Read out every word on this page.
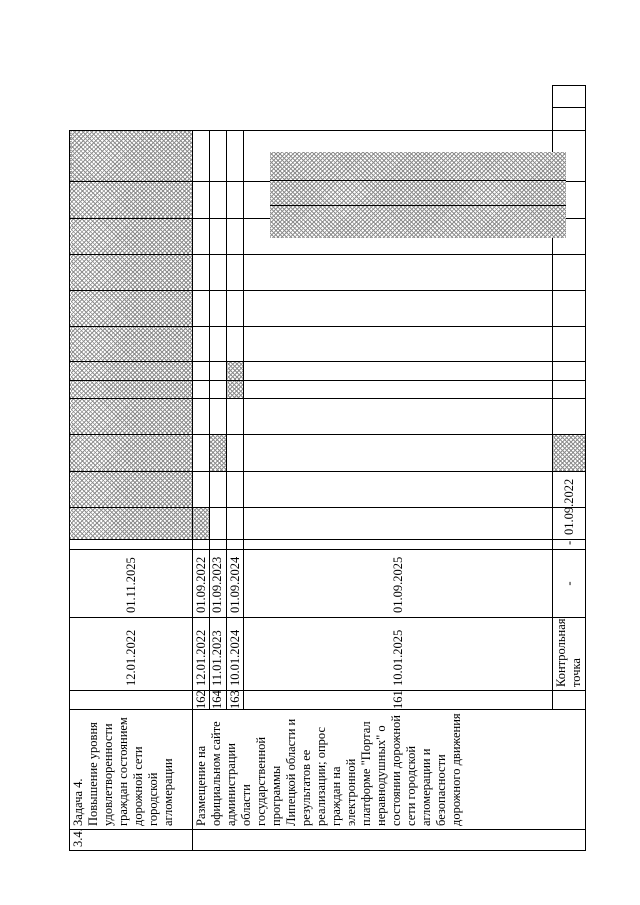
3.4.	Задача 4. Повышение уровня удовлетворенности граждан состоянием дорожной сети городской агломерации		12.01.2022	01.11.2025															

	Размещение на официальном сайте администрации области государственной программы Липецкой области и результатов ее реализации; опрос граждан на электронной платформе "Портал неравнодушных" о состоянии дорожной сети городской агломерации и безопасности дорожного движения	162	12.01.2022	01.09.2022															
		164	11.01.2023	01.09.2023															
		163	10.01.2024	01.09.2024															
		161	10.01.2025	01.09.2025															

			Контрольная точка	-	-	01.09.2022													
